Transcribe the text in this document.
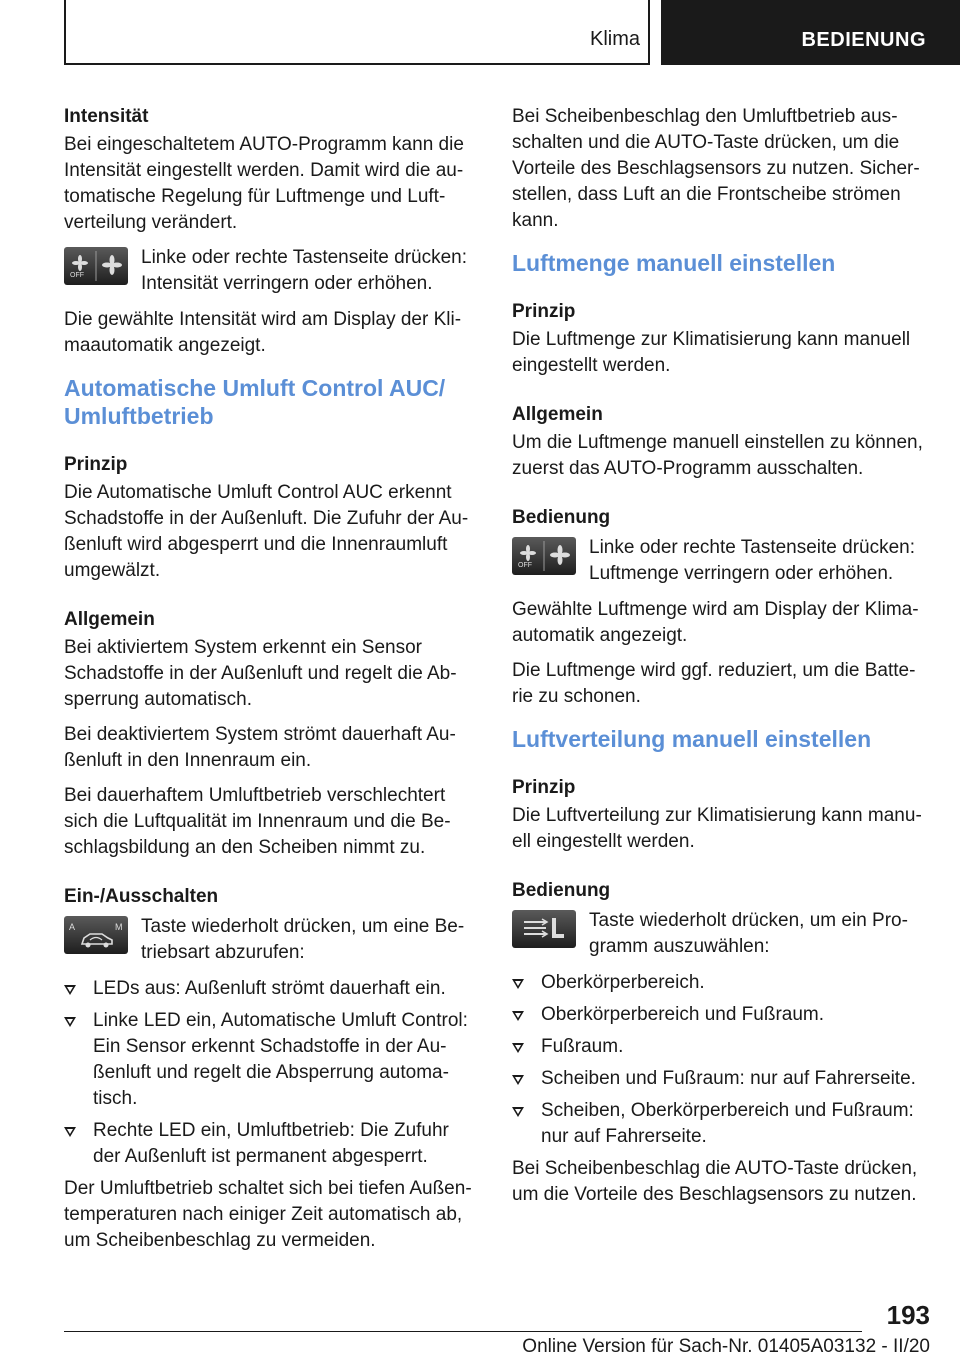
Klima	BEDIENUNG
Intensität

Bei eingeschaltetem AUTO-Programm kann die Intensität eingestellt werden. Damit wird die automatische Regelung für Luftmenge und Luftverteilung verändert.

OFF

Linke oder rechte Tastenseite drücken: Intensität verringern oder erhöhen.

Die gewählte Intensität wird am Display der Klimaautomatik angezeigt.

Automatische Umluft Control AUC/ Umluftbetrieb
Prinzip

Die Automatische Umluft Control AUC erkennt Schadstoffe in der Außenluft. Die Zufuhr der Außenluft wird abgesperrt und die Innenraumluft umgewälzt.

Allgemein

Bei aktiviertem System erkennt ein Sensor Schadstoffe in der Außenluft und regelt die Absperrung automatisch.

Bei deaktiviertem System strömt dauerhaft Außenluft in den Innenraum ein.

Bei dauerhaftem Umluftbetrieb verschlechtert sich die Luftqualität im Innenraum und die Beschlagsbildung an den Scheiben nimmt zu.

Ein-/Ausschalten
A	M Taste wiederholt drücken, um eine Betriebsart abzurufen:

LEDs aus: Außenluft strömt dauerhaft ein.

Linke LED ein, Automatische Umluft Control: Ein Sensor erkennt Schadstoffe in der Außenluft und regelt die Absperrung automatisch.

Rechte LED ein, Umluftbetrieb: Die Zufuhr der Außenluft ist permanent abgesperrt.

Der Umluftbetrieb schaltet sich bei tiefen Außentemperaturen nach einiger Zeit automatisch ab, um Scheibenbeschlag zu vermeiden.

Bei Scheibenbeschlag den Umluftbetrieb ausschalten und die AUTO-Taste drücken, um die Vorteile des Beschlagsensors zu nutzen. Sicherstellen, dass Luft an die Frontscheibe strömen kann.

Luftmenge manuell einstellen
Prinzip

Die Luftmenge zur Klimatisierung kann manuell eingestellt werden.

Allgemein

Um die Luftmenge manuell einstellen zu können, zuerst das AUTO-Programm ausschalten.

Bedienung
OFF

Linke oder rechte Tastenseite drücken: Luftmenge verringern oder erhöhen.

Gewählte Luftmenge wird am Display der Klimaautomatik angezeigt.

Die Luftmenge wird ggf. reduziert, um die Batterie zu schonen.

Luftverteilung manuell einstellen
Prinzip

Die Luftverteilung zur Klimatisierung kann manuell eingestellt werden.

Bedienung

Taste wiederholt drücken, um ein Programm auszuwählen:

Oberkörperbereich.

Oberkörperbereich und Fußraum.

Fußraum.

Scheiben und Fußraum: nur auf Fahrerseite.

Scheiben, Oberkörperbereich und Fußraum: nur auf Fahrerseite.

Bei Scheibenbeschlag die AUTO-Taste drücken, um die Vorteile des Beschlagsensors zu nutzen.

193
Online Version für Sach-Nr. 01405A03132 - II/20
